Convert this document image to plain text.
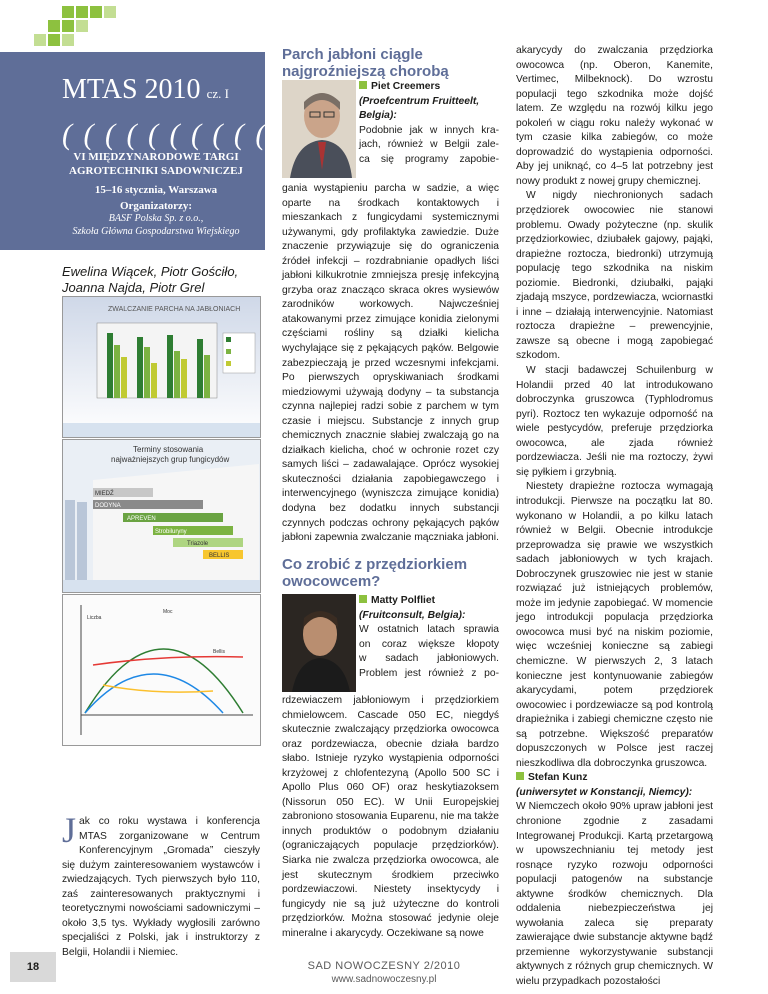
MTAS 2010 cz. I
( ( ( ( ( ( ( ( ( (
VI MIĘDZYNARODOWE TARGI AGROTECHNIKI SADOWNICZEJ
15–16 stycznia, Warszawa
Organizatorzy:
BASF Polska Sp. z o.o.,
Szkoła Główna Gospodarstwa Wiejskiego
Ewelina Wiącek, Piotr Gościło,
Joanna Najda, Piotr Grel
ZWALCZANIE PARCHA NA JABŁONIACH
Terminy stosowania
najważniejszych grup fungicydów
MIEDŹ
DODYNA
APREVEN
Strobiluryny
Triazole
BELLIS
Liczba
Moc
Bellis
Jak co roku wystawa i konferencja MTAS zorganizowane w Centrum Konferencyjnym „Gromada” cieszyły się dużym zainteresowaniem wystawców i zwiedzających. Tych pierwszych było 110, zaś zainteresowanych praktycznymi i teoretycznymi nowościami sadowniczymi – około 3,5 tys. Wykłady wygłosili zarówno specjaliści z Polski, jak i instruktorzy z Belgii, Holandii i Niemiec.
Parch jabłoni ciągle
najgroźniejszą chorobą
Piet Creemers
(Proefcentrum Fruitteelt,
Belgia):
Podobnie jak w innych kra-
jach, również w Belgii zale-
ca się programy zapobie-

gania wystąpieniu parcha w sadzie, a więc oparte na środkach kontaktowych i mieszankach z fungicydami systemicznymi używanymi, gdy profilaktyka zawiedzie. Duże znaczenie przywiązuje się do ograniczenia źródeł infekcji – rozdrabnianie opadłych liści jabłoni kilkukrotnie zmniejsza presję infekcyjną grzyba oraz znacząco skraca okres wysiewów zarodników workowych. Najwcześniej atakowanymi przez zimujące konidia zielonymi częściami rośliny są działki kielicha wychylające się z pękających pąków. Belgowie zabezpieczają je przed wczesnymi infekcjami. Po pierwszych opryskiwaniach środkami miedziowymi używają dodyny – ta substancja czynna najlepiej radzi sobie z parchem w tym czasie i miejscu. Substancje z innych grup chemicznych znacznie słabiej zwalczają go na działkach kielicha, choć w ochronie rozet czy samych liści – zadawalające. Oprócz wysokiej skuteczności działania zapobiegawczego i interwencyjnego (wyniszcza zimujące konidia) dodyna bez dodatku innych substancji czynnych podczas ochrony pękających pąków jabłoni zapewnia zwalczanie mączniaka jabłoni.

Co zrobić z przędziorkiem
owocowcem?
Matty Polfliet
(Fruitconsult, Belgia):
W ostatnich latach sprawia
on coraz większe kłopoty
w sadach jabłoniowych.
Problem jest również z po-

rdzewiaczem jabłoniowym i przędziorkiem chmielowcem. Cascade 050 EC, niegdyś skutecznie zwalczający przędziorka owocowca oraz pordzewiacza, obecnie działa bardzo słabo. Istnieje ryzyko wystąpienia odporności krzyżowej z chlofentezyną (Apollo 500 SC i Apollo Plus 060 OF) oraz heskytiazoksem (Nissorun 050 EC). W Unii Europejskiej zabroniono stosowania Euparenu, nie ma także innych produktów o podobnym działaniu (ograniczających populacje przędziorków). Siarka nie zwalcza przędziorka owocowca, ale jest skutecznym środkiem przeciwko pordzewiaczowi. Niestety insektycydy i fungicydy nie są już użyteczne do kontroli przędziorków. Można stosować jedynie oleje mineralne i akarycydy. Oczekiwane są nowe

akarycydy do zwalczania przędziorka owocowca (np. Oberon, Kanemite, Vertimec, Milbeknock). Do wzrostu populacji tego szkodnika może dojść latem. Ze względu na rozwój kilku jego pokoleń w ciągu roku należy wykonać w tym czasie kilka zabiegów, co może doprowadzić do wystąpienia odporności. Aby jej uniknąć, co 4–5 lat potrzebny jest nowy produkt z nowej grupy chemicznej.

W nigdy niechronionych sadach przędziorek owocowiec nie stanowi problemu. Owady pożyteczne (np. skulik przędziorkowiec, dziubałek gajowy, pająki, drapieżne roztocza, biedronki) utrzymują populację tego szkodnika na niskim poziomie. Biedronki, dziubałki, pająki zjadają mszyce, pordzewiacza, wciornastki i inne – działają interwencyjnie. Natomiast roztocza drapieżne – prewencyjnie, zawsze są obecne i mogą zapobiegać szkodom.

W stacji badawczej Schuilenburg w Holandii przed 40 lat introdukowano dobroczynka gruszowca (Typhlodromus pyri). Roztocz ten wykazuje odporność na wiele pestycydów, preferuje przędziorka owocowca, ale zjada również pordzewiacza. Jeśli nie ma roztoczy, żywi się pyłkiem i grzybnią.

Niestety drapieżne roztocza wymagają introdukcji. Pierwsze na początku lat 80. wykonano w Holandii, a po kilku latach również w Belgii. Obecnie introdukcje przeprowadza się prawie we wszystkich sadach jabłoniowych w tych krajach. Dobroczynek gruszowiec nie jest w stanie rozwiązać już istniejących problemów, może im jedynie zapobiegać. W momencie jego introdukcji populacja przędziorka owocowca musi być na niskim poziomie, więc wcześniej konieczne są zabiegi chemiczne. W pierwszych 2, 3 latach konieczne jest kontynuowanie zabiegów akarycydami, potem przędziorek owocowiec i pordzewiacze są pod kontrolą drapieżnika i zabiegi chemiczne często nie są potrzebne. Większość preparatów dopuszczonych w Polsce jest raczej nieszkodliwa dla dobroczynka gruszowca.

Stefan Kunz

(uniwersytet w Konstancji, Niemcy):

W Niemczech około 90% upraw jabłoni jest chronione zgodnie z zasadami Integrowanej Produkcji. Kartą przetargową w upowszechnianiu tej metody jest rosnące ryzyko rozwoju odporności populacji patogenów na substancje aktywne środków chemicznych. Dla oddalenia niebezpieczeństwa jej wywołania zaleca się preparaty zawierające dwie substancje aktywne bądź przemienne wykorzystywanie substancji aktywnych z różnych grup chemicznych. W wielu przypadkach pozostałości

18	SAD NOWOCZESNY 2/2010
www.sadnowoczesny.pl
